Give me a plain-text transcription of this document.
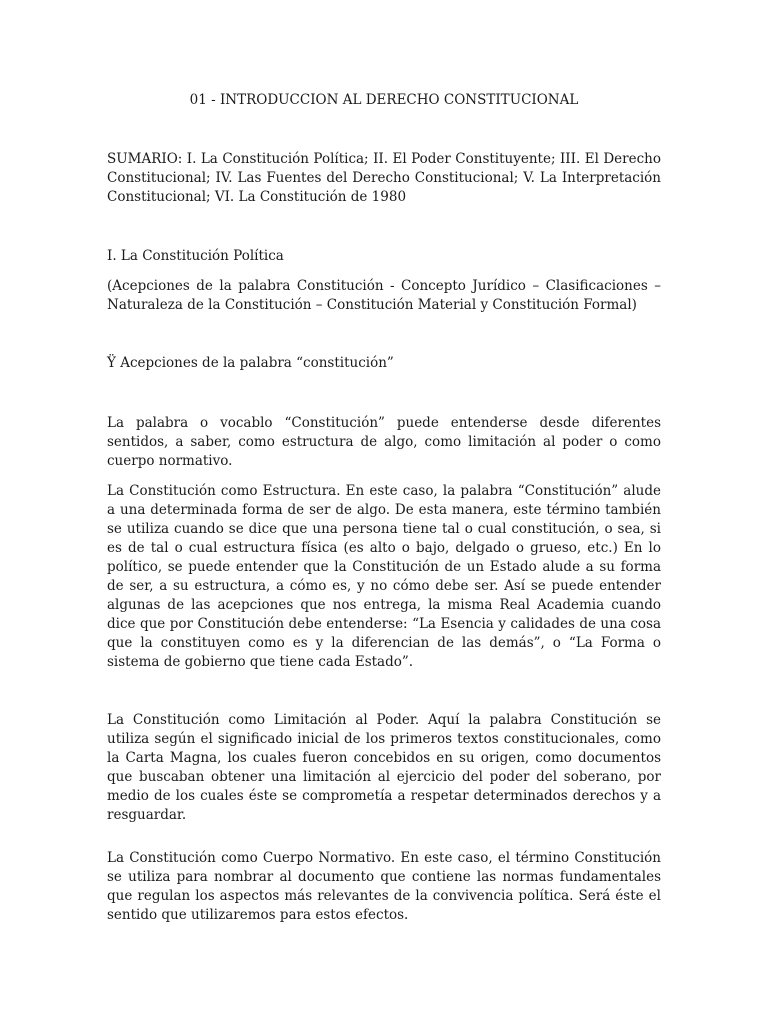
01 - INTRODUCCION AL DERECHO CONSTITUCIONAL

SUMARIO: I. La Constitución Política; II. El Poder Constituyente; III. El Derecho Constitucional; IV. Las Fuentes del Derecho Constitucional; V. La Interpretación Constitucional; VI. La Constitución de 1980

I. La Constitución Política

(Acepciones de la palabra Constitución - Concepto Jurídico – Clasificaciones – Naturaleza de la Constitución – Constitución Material y Constitución Formal)

Ÿ Acepciones de la palabra “constitución”

La palabra o vocablo “Constitución” puede entenderse desde diferentes sentidos, a saber, como estructura de algo, como limitación al poder o como cuerpo normativo.

La Constitución como Estructura. En este caso, la palabra “Constitución” alude a una determinada forma de ser de algo. De esta manera, este término también se utiliza cuando se dice que una persona tiene tal o cual constitución, o sea, si es de tal o cual estructura física (es alto o bajo, delgado o grueso, etc.) En lo político, se puede entender que la Constitución de un Estado alude a su forma de ser, a su estructura, a cómo es, y no cómo debe ser. Así se puede entender algunas de las acepciones que nos entrega, la misma Real Academia cuando dice que por Constitución debe entenderse: “La Esencia y calidades de una cosa que la constituyen como es y la diferencian de las demás”, o “La Forma o sistema de gobierno que tiene cada Estado”.

La Constitución como Limitación al Poder. Aquí la palabra Constitución se utiliza según el significado inicial de los primeros textos constitucionales, como la Carta Magna, los cuales fueron concebidos en su origen, como documentos que buscaban obtener una limitación al ejercicio del poder del soberano, por medio de los cuales éste se comprometía a respetar determinados derechos y a resguardar.

La Constitución como Cuerpo Normativo. En este caso, el término Constitución se utiliza para nombrar al documento que contiene las normas fundamentales que regulan los aspectos más relevantes de la convivencia política. Será éste el sentido que utilizaremos para estos efectos.
